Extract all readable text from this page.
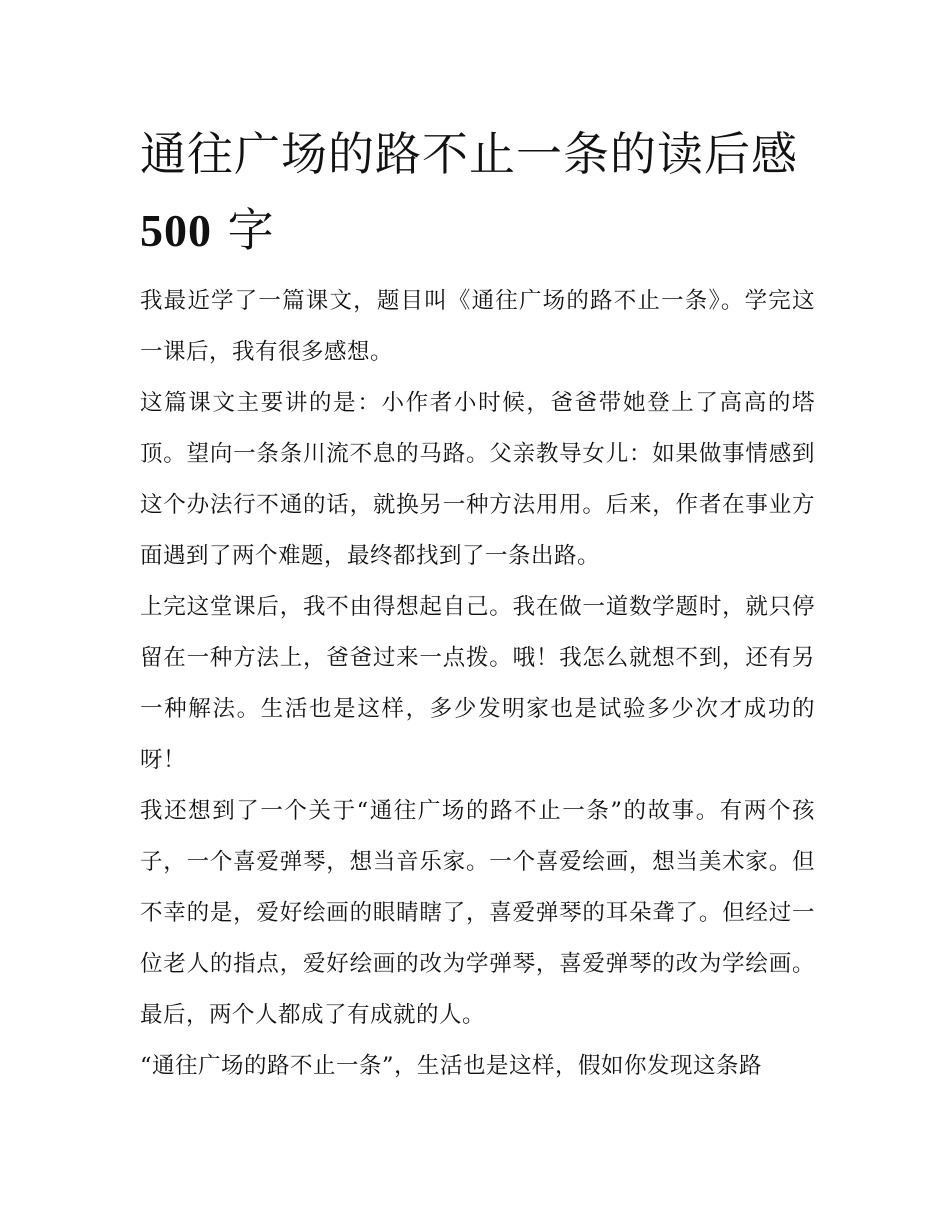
通往广场的路不止一条的读后感500 字

我最近学了一篇课文，题目叫《通往广场的路不止一条》。学完这一课后，我有很多感想。

这篇课文主要讲的是：小作者小时候，爸爸带她登上了高高的塔顶。望向一条条川流不息的马路。父亲教导女儿：如果做事情感到这个办法行不通的话，就换另一种方法用用。后来，作者在事业方面遇到了两个难题，最终都找到了一条出路。

上完这堂课后，我不由得想起自己。我在做一道数学题时，就只停留在一种方法上，爸爸过来一点拨。哦！我怎么就想不到，还有另一种解法。生活也是这样，多少发明家也是试验多少次才成功的呀！

我还想到了一个关于“通往广场的路不止一条”的故事。有两个孩子，一个喜爱弹琴，想当音乐家。一个喜爱绘画，想当美术家。但不幸的是，爱好绘画的眼睛瞎了，喜爱弹琴的耳朵聋了。但经过一位老人的指点，爱好绘画的改为学弹琴，喜爱弹琴的改为学绘画。最后，两个人都成了有成就的人。

“通往广场的路不止一条”，生活也是这样，假如你发现这条路
